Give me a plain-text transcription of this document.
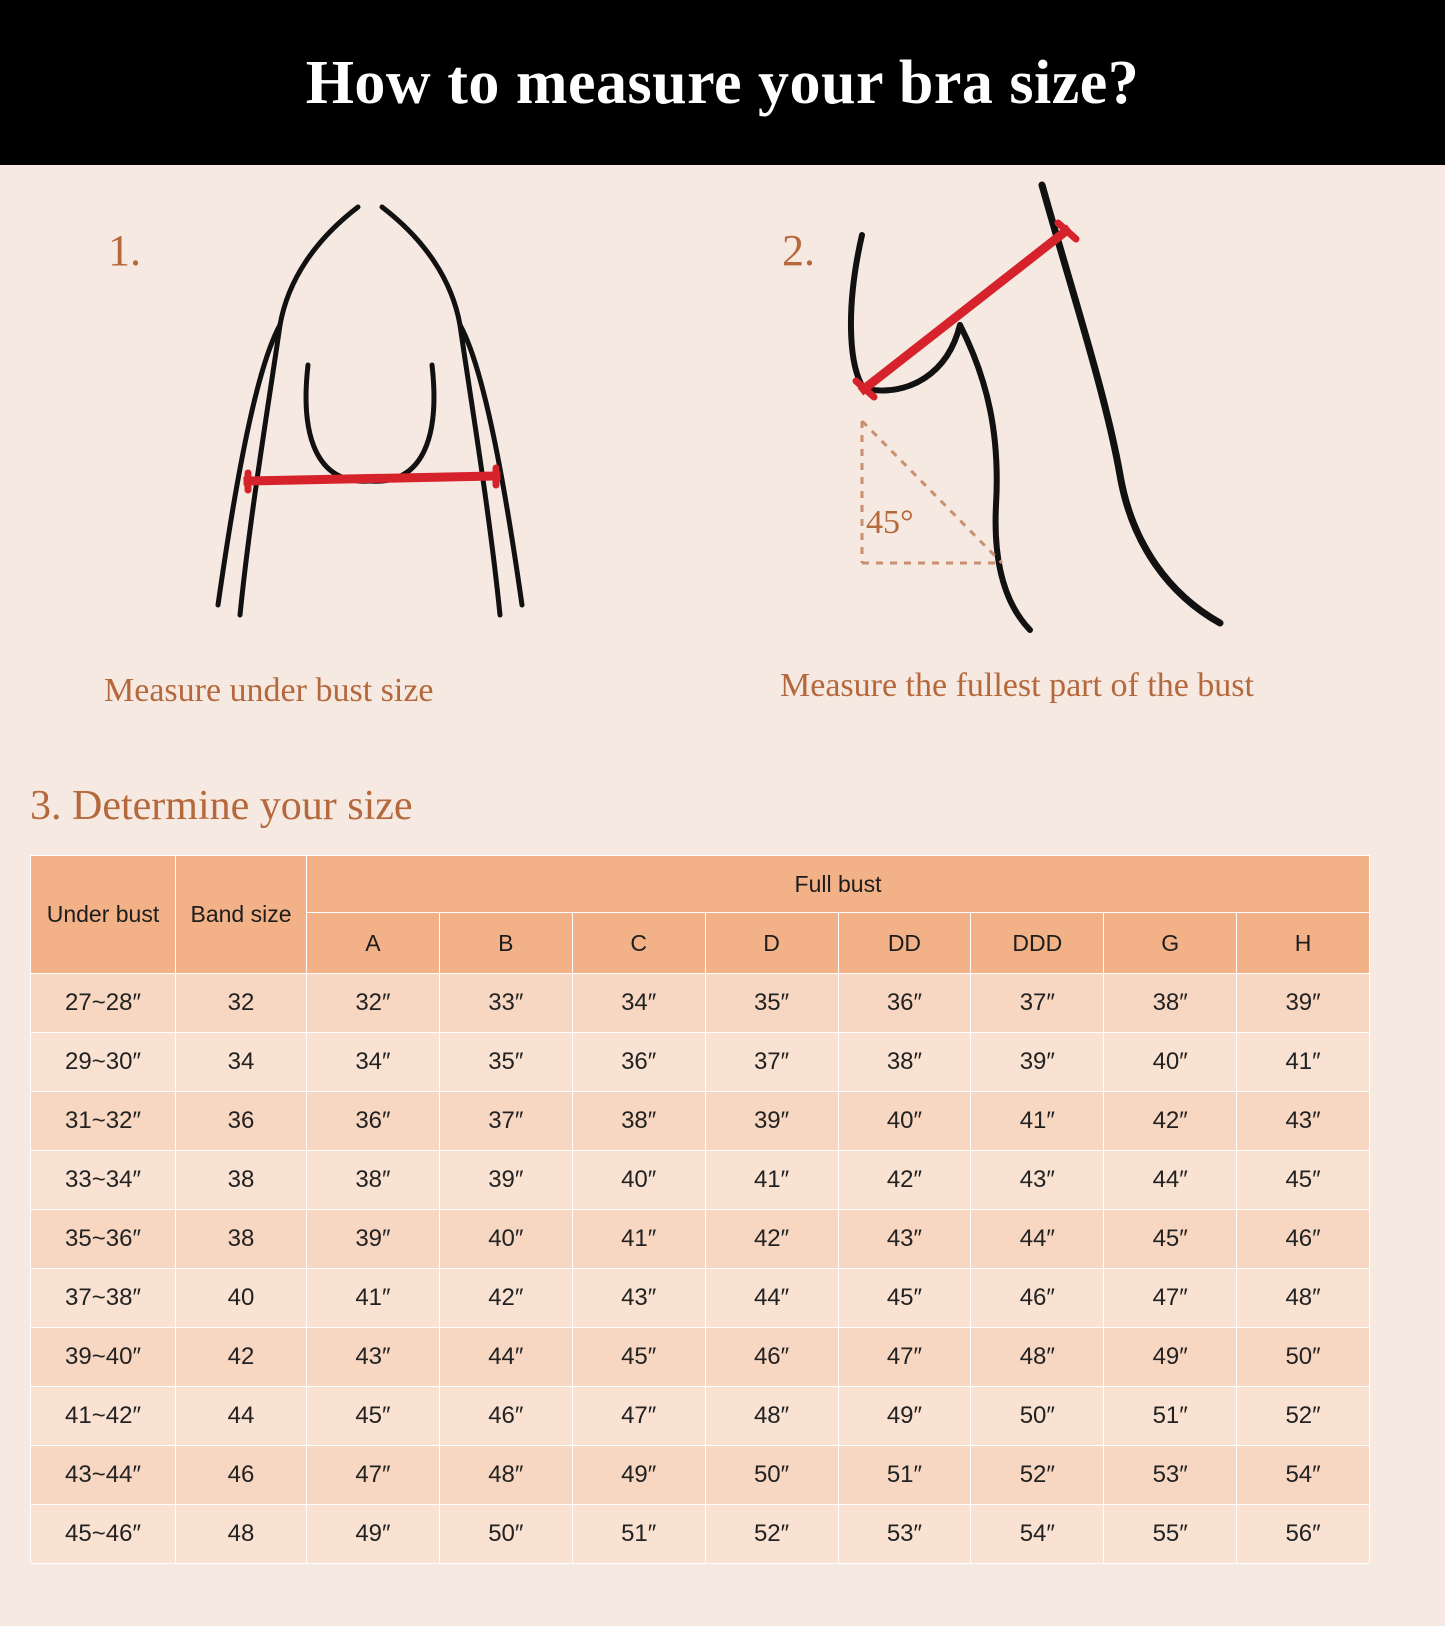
How to measure your bra size?
1.	2.
45°
Measure under bust size	Measure the fullest part of the bust
3. Determine your size
Under bust	Band size	Full bust							
		A	B	C	D	DD	DDD	G	H
27~28″	32	32″	33″	34″	35″	36″	37″	38″	39″
29~30″	34	34″	35″	36″	37″	38″	39″	40″	41″
31~32″	36	36″	37″	38″	39″	40″	41″	42″	43″
33~34″	38	38″	39″	40″	41″	42″	43″	44″	45″
35~36″	38	39″	40″	41″	42″	43″	44″	45″	46″
37~38″	40	41″	42″	43″	44″	45″	46″	47″	48″
39~40″	42	43″	44″	45″	46″	47″	48″	49″	50″
41~42″	44	45″	46″	47″	48″	49″	50″	51″	52″
43~44″	46	47″	48″	49″	50″	51″	52″	53″	54″
45~46″	48	49″	50″	51″	52″	53″	54″	55″	56″
